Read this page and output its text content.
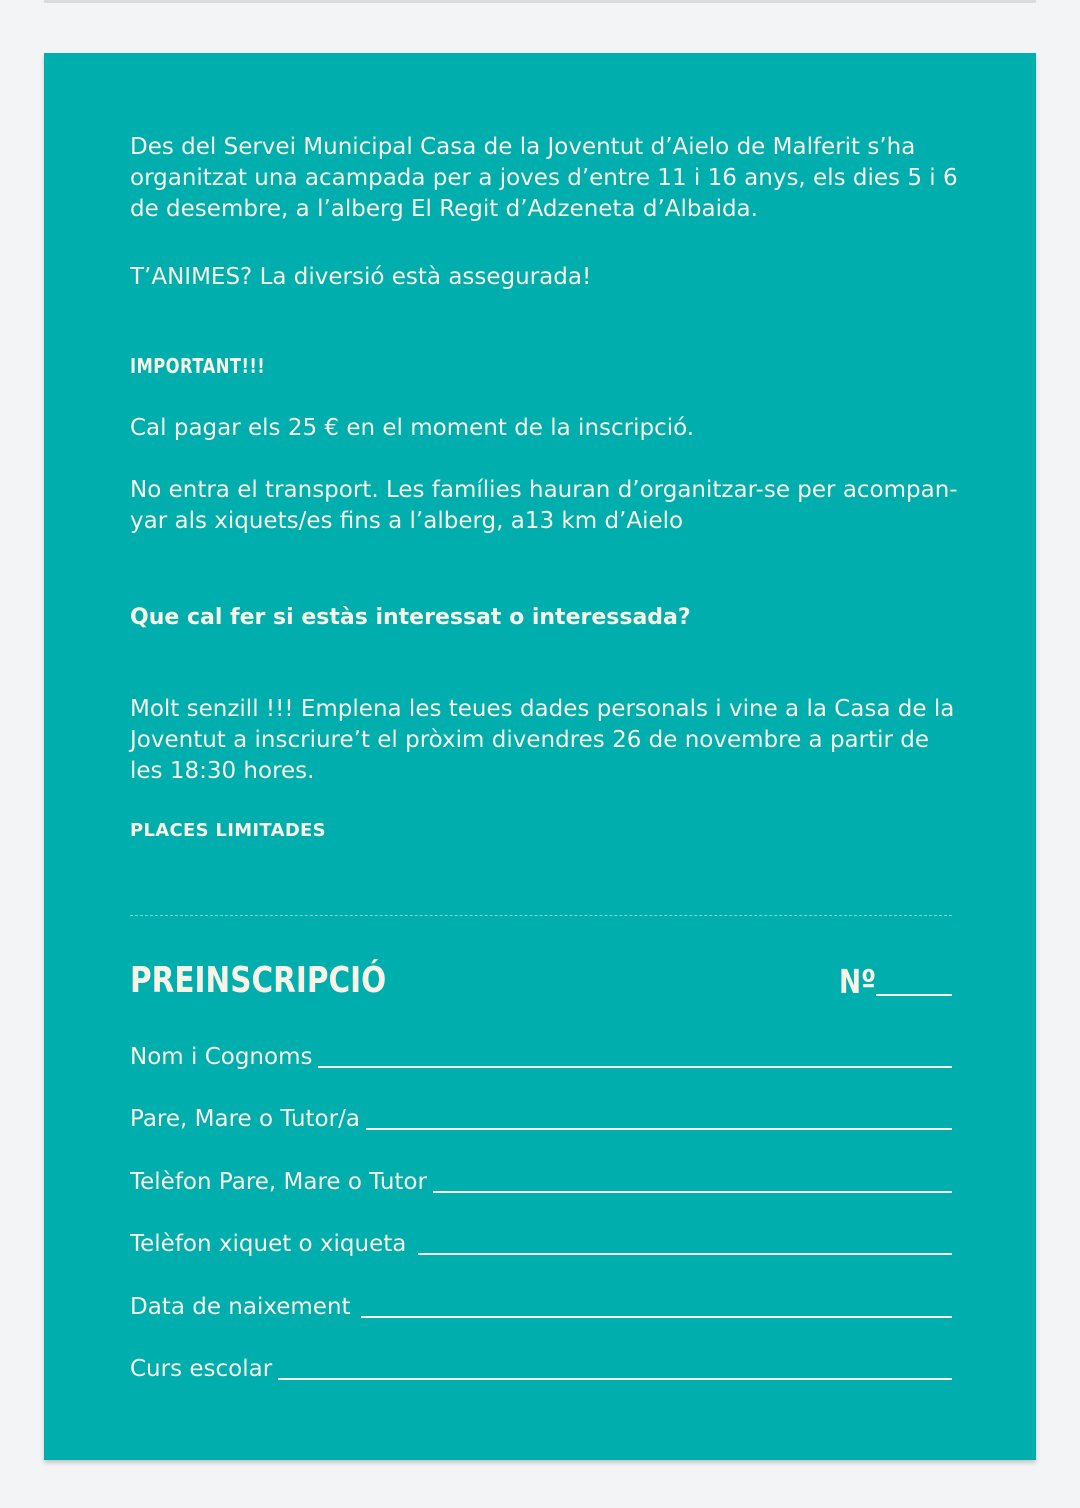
Des del Servei Municipal Casa de la Joventut d’Aielo de Malferit s’ha
organitzat una acampada per a joves d’entre 11 i 16 anys, els dies 5 i 6
de desembre, a l’alberg El Regit d’Adzeneta d’Albaida.

T’ANIMES? La diversió està assegurada!

IMPORTANT!!!

Cal pagar els 25 € en el moment de la inscripció.

No entra el transport. Les famílies hauran d’organitzar-se per acompan-
yar als xiquets/es fins a l’alberg, a13 km d’Aielo

Que cal fer si estàs interessat o interessada?

Molt senzill !!! Emplena les teues dades personals i vine a la Casa de la
Joventut a inscriure’t el pròxim divendres 26 de novembre a partir de
les 18:30 hores.

PLACES LIMITADES

PREINSCRIPCIÓ	Nº
Nom i Cognoms
Pare, Mare o Tutor/a
Telèfon Pare, Mare o Tutor
Telèfon xiquet o xiqueta
Data de naixement
Curs escolar
